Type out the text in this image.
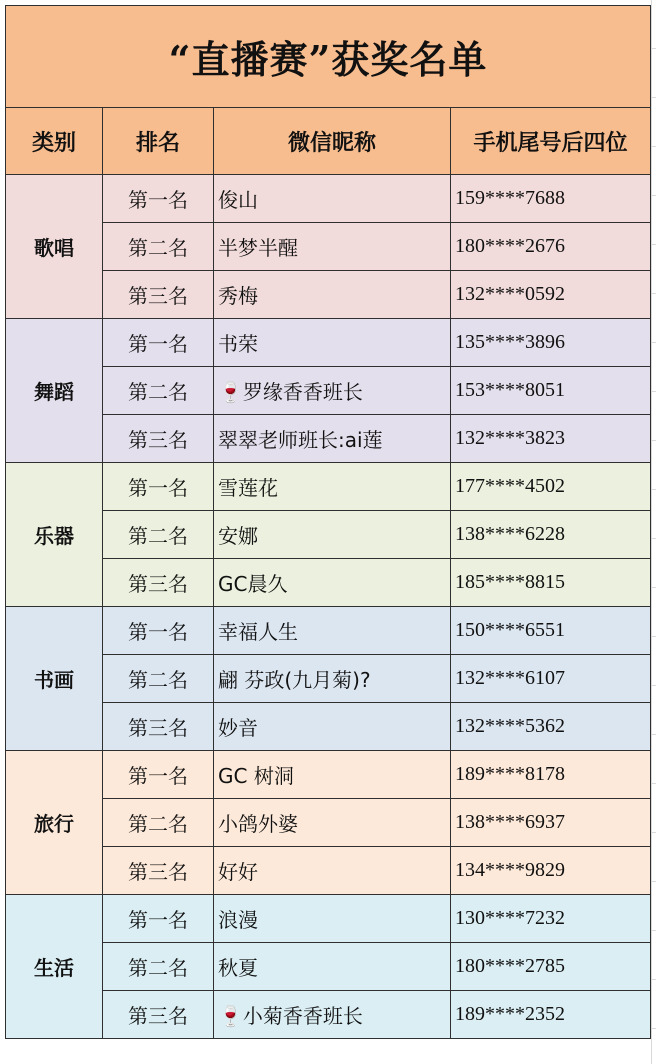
“直播赛”获奖名单			
类别	排名	微信昵称	手机尾号后四位
歌唱	第一名	俊山	159****7688
	第二名	半梦半醒	180****2676
	第三名	秀梅	132****0592
舞蹈	第一名	书荣	135****3896
	第二名	🍷罗缘香香班长	153****8051
	第三名	翠翠老师班长:ai莲	132****3823
乐器	第一名	雪莲花	177****4502
	第二名	安娜	138****6228
	第三名	GC晨久	185****8815
书画	第一名	幸福人生	150****6551
	第二名	翩 芬政(九月菊)?	132****6107
	第三名	妙音	132****5362
旅行	第一名	GC 树洞	189****8178
	第二名	小鸽外婆	138****6937
	第三名	好好	134****9829
生活	第一名	浪漫	130****7232
	第二名	秋夏	180****2785
	第三名	🍷小菊香香班长	189****2352
